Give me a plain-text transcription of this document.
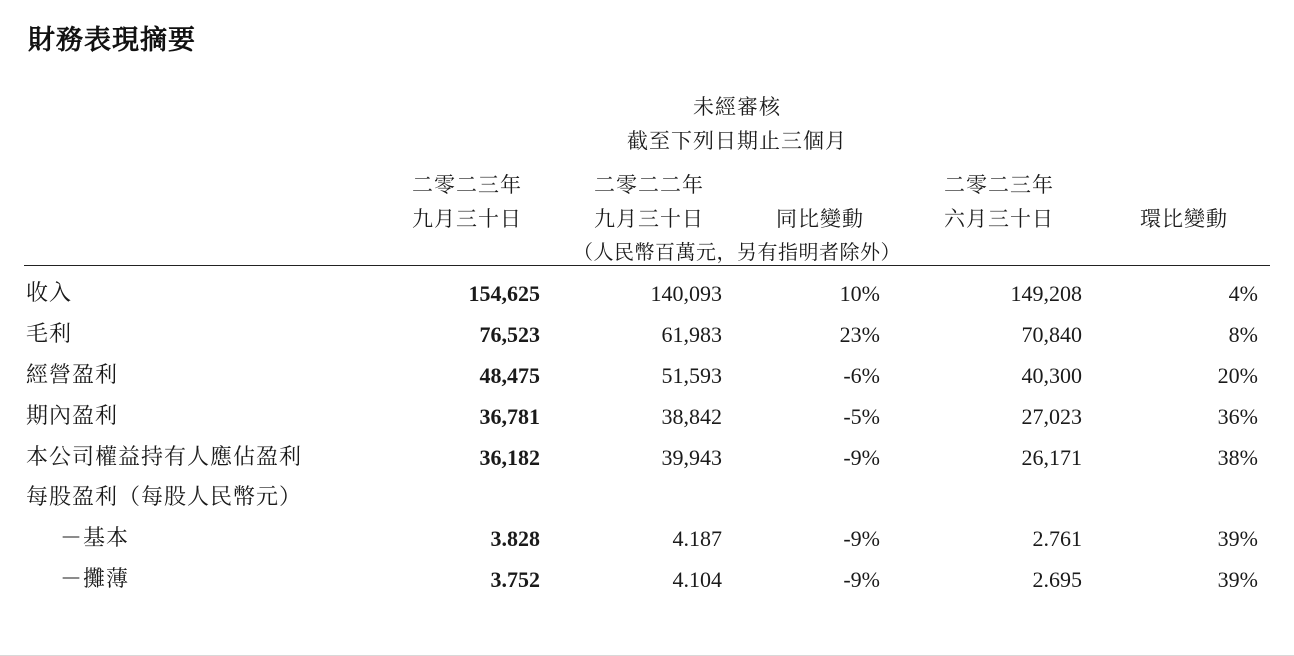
財務表現摘要
	未經審核				
	截至下列日期止三個月				

	二零二三年	二零二二年		二零二三年	
	九月三十日	九月三十日	同比變動	六月三十日	環比變動
	（人民幣百萬元，另有指明者除外）				

收入	154,625	140,093	10%	149,208	4%
毛利	76,523	61,983	23%	70,840	8%
經營盈利	48,475	51,593	-6%	40,300	20%
期內盈利	36,781	38,842	-5%	27,023	36%
本公司權益持有人應佔盈利	36,182	39,943	-9%	26,171	38%
每股盈利（每股人民幣元）					
－基本	3.828	4.187	-9%	2.761	39%
－攤薄	3.752	4.104	-9%	2.695	39%
